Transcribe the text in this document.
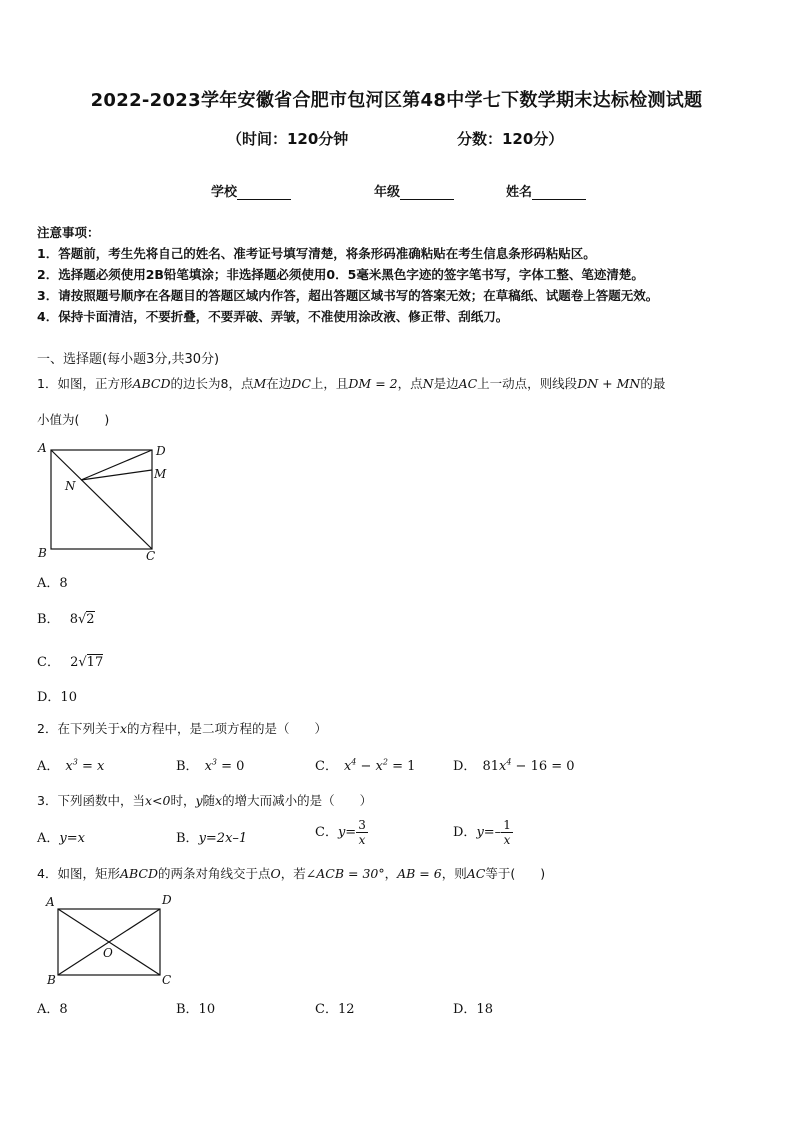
2022-2023学年安徽省合肥市包河区第48中学七下数学期末达标检测试题
（时间：120分钟	分数：120分）
学校	年级	姓名
注意事项：
1．答题前，考生先将自己的姓名、准考证号填写清楚，将条形码准确粘贴在考生信息条形码粘贴区。
2．选择题必须使用2B铅笔填涂；非选择题必须使用0．5毫米黑色字迹的签字笔书写，字体工整、笔迹清楚。
3．请按照题号顺序在各题目的答题区域内作答，超出答题区域书写的答案无效；在草稿纸、试题卷上答题无效。
4．保持卡面清洁，不要折叠，不要弄破、弄皱，不准使用涂改液、修正带、刮纸刀。
一、选择题(每小题3分,共30分)
1．如图，正方形ABCD的边长为8，点M在边DC上，且DM = 2，点N是边AC上一动点，则线段DN + MN的最
小值为(　　)
A	D
M
N
B	C
A．8
B． 8√2
C． 2√17
D．10
2．在下列关于x的方程中，是二项方程的是（　　）
A． $x^3 = x$	B． $x^3 = 0$	C． $x^4 - x^2 = 1$	D． $81x^4 - 16 = 0$
3．下列函数中，当x<0时，y随x的增大而减小的是（　　）
A．y=x	B．y=2x–1	C．$y= \frac{3}{x}$	D．$y=- \frac{1}{x}$
4．如图，矩形ABCD的两条对角线交于点O，若∠ACB = 30°，AB = 6，则AC等于(　　)
A	D
B	C
O
A．8	B．10	C．12	D．18
